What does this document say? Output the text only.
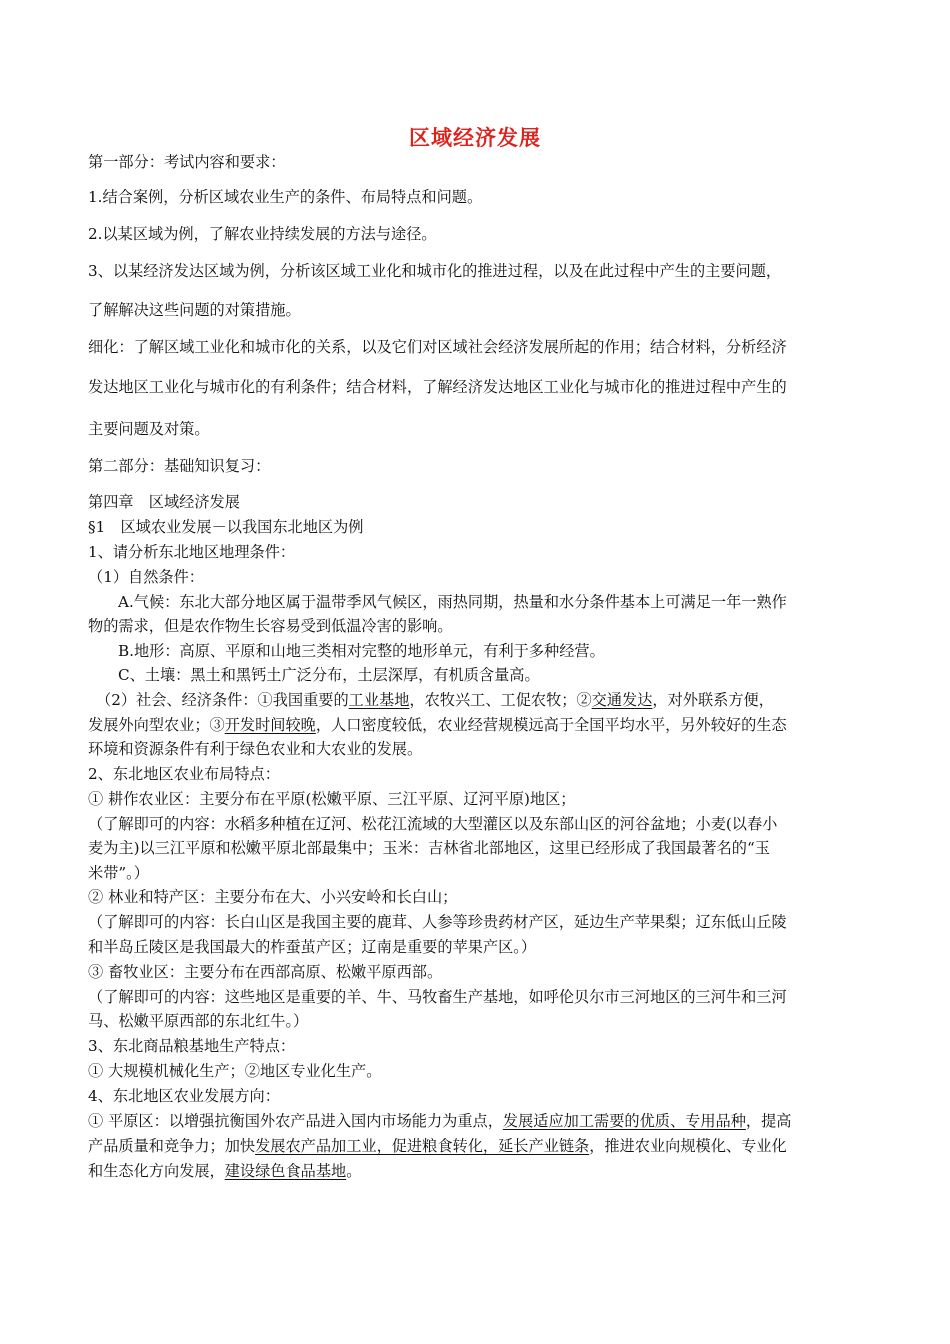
区域经济发展
第一部分：考试内容和要求：
1.结合案例，分析区域农业生产的条件、布局特点和问题。
2.以某区域为例，了解农业持续发展的方法与途径。
3、以某经济发达区域为例，分析该区域工业化和城市化的推进过程，以及在此过程中产生的主要问题，
了解解决这些问题的对策措施。
细化：了解区域工业化和城市化的关系，以及它们对区域社会经济发展所起的作用；结合材料，分析经济
发达地区工业化与城市化的有利条件；结合材料，了解经济发达地区工业化与城市化的推进过程中产生的
主要问题及对策。
第二部分：基础知识复习：
第四章　区域经济发展
§1　区域农业发展－以我国东北地区为例
1、请分析东北地区地理条件：
（1）自然条件：
A.气候：东北大部分地区属于温带季风气候区，雨热同期，热量和水分条件基本上可满足一年一熟作
物的需求，但是农作物生长容易受到低温冷害的影响。
B.地形：高原、平原和山地三类相对完整的地形单元，有利于多种经营。
C、土壤：黑土和黑钙土广泛分布，土层深厚，有机质含量高。
（2）社会、经济条件：①我国重要的工业基地，农牧兴工、工促农牧；②交通发达，对外联系方便，
发展外向型农业；③开发时间较晚，人口密度较低，农业经营规模远高于全国平均水平，另外较好的生态
环境和资源条件有利于绿色农业和大农业的发展。
2、东北地区农业布局特点：
① 耕作农业区：主要分布在平原(松嫩平原、三江平原、辽河平原)地区；
（了解即可的内容：水稻多种植在辽河、松花江流域的大型灌区以及东部山区的河谷盆地；小麦(以春小
麦为主)以三江平原和松嫩平原北部最集中；玉米：吉林省北部地区，这里已经形成了我国最著名的“玉
米带”。）
② 林业和特产区：主要分布在大、小兴安岭和长白山；
（了解即可的内容：长白山区是我国主要的鹿茸、人参等珍贵药材产区，延边生产苹果梨；辽东低山丘陵
和半岛丘陵区是我国最大的柞蚕茧产区；辽南是重要的苹果产区。）
③ 畜牧业区：主要分布在西部高原、松嫩平原西部。
（了解即可的内容：这些地区是重要的羊、牛、马牧畜生产基地，如呼伦贝尔市三河地区的三河牛和三河
马、松嫩平原西部的东北红牛。）
3、东北商品粮基地生产特点：
① 大规模机械化生产；②地区专业化生产。
4、东北地区农业发展方向：
① 平原区：以增强抗衡国外农产品进入国内市场能力为重点，发展适应加工需要的优质、专用品种，提高
产品质量和竞争力；加快发展农产品加工业，促进粮食转化，延长产业链条，推进农业向规模化、专业化
和生态化方向发展，建设绿色食品基地。
